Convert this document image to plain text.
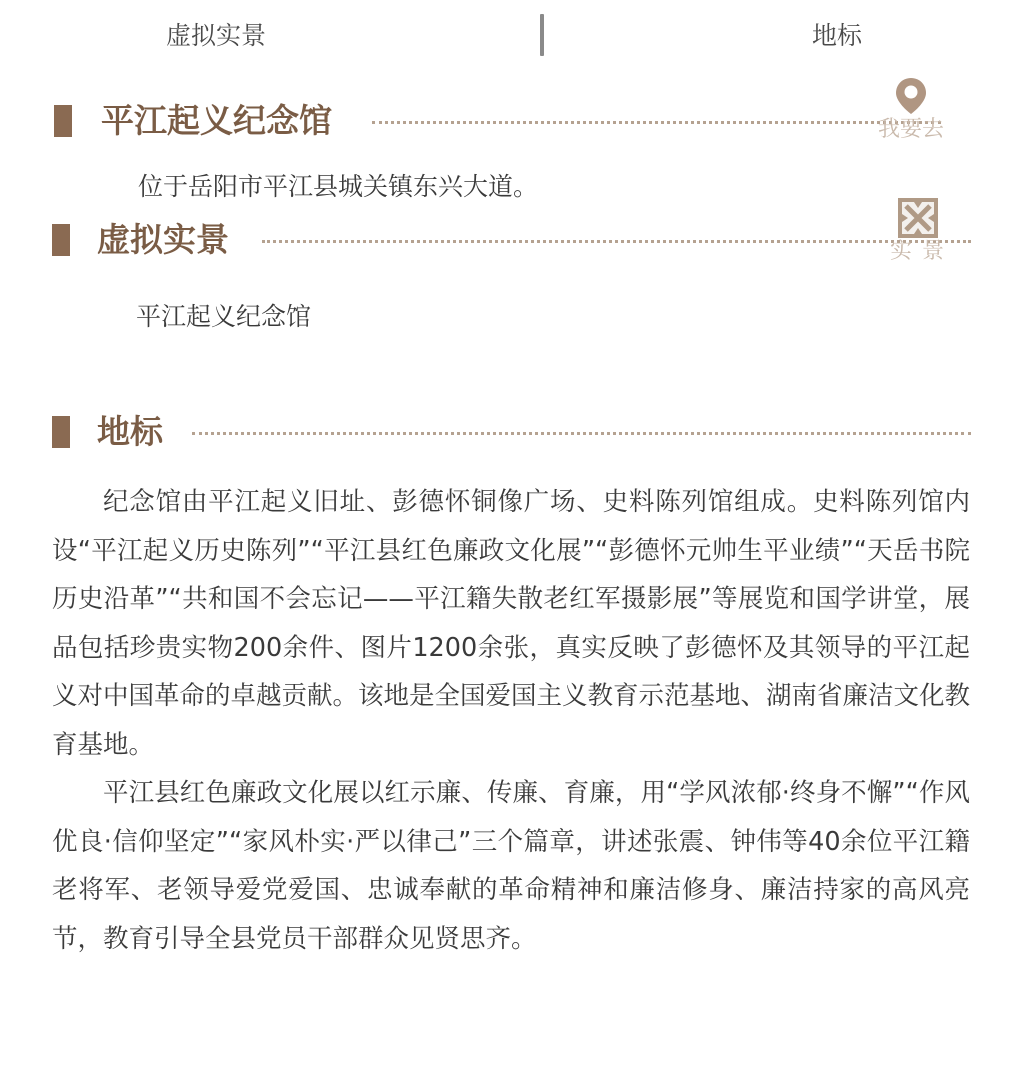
虚拟实景	地标
平江起义纪念馆	我要去
位于岳阳市平江县城关镇东兴大道。
虚拟实景	实景
平江起义纪念馆
地标

纪念馆由平江起义旧址、彭德怀铜像广场、史料陈列馆组成。史料陈列馆内设“平江起义历史陈列”“平江县红色廉政文化展”“彭德怀元帅生平业绩”“天岳书院历史沿革”“共和国不会忘记——平江籍失散老红军摄影展”等展览和国学讲堂，展品包括珍贵实物200余件、图片1200余张，真实反映了彭德怀及其领导的平江起义对中国革命的卓越贡献。该地是全国爱国主义教育示范基地、湖南省廉洁文化教育基地。

平江县红色廉政文化展以红示廉、传廉、育廉，用“学风浓郁·终身不懈”“作风优良·信仰坚定”“家风朴实·严以律己”三个篇章，讲述张震、钟伟等40余位平江籍老将军、老领导爱党爱国、忠诚奉献的革命精神和廉洁修身、廉洁持家的高风亮节，教育引导全县党员干部群众见贤思齐。
